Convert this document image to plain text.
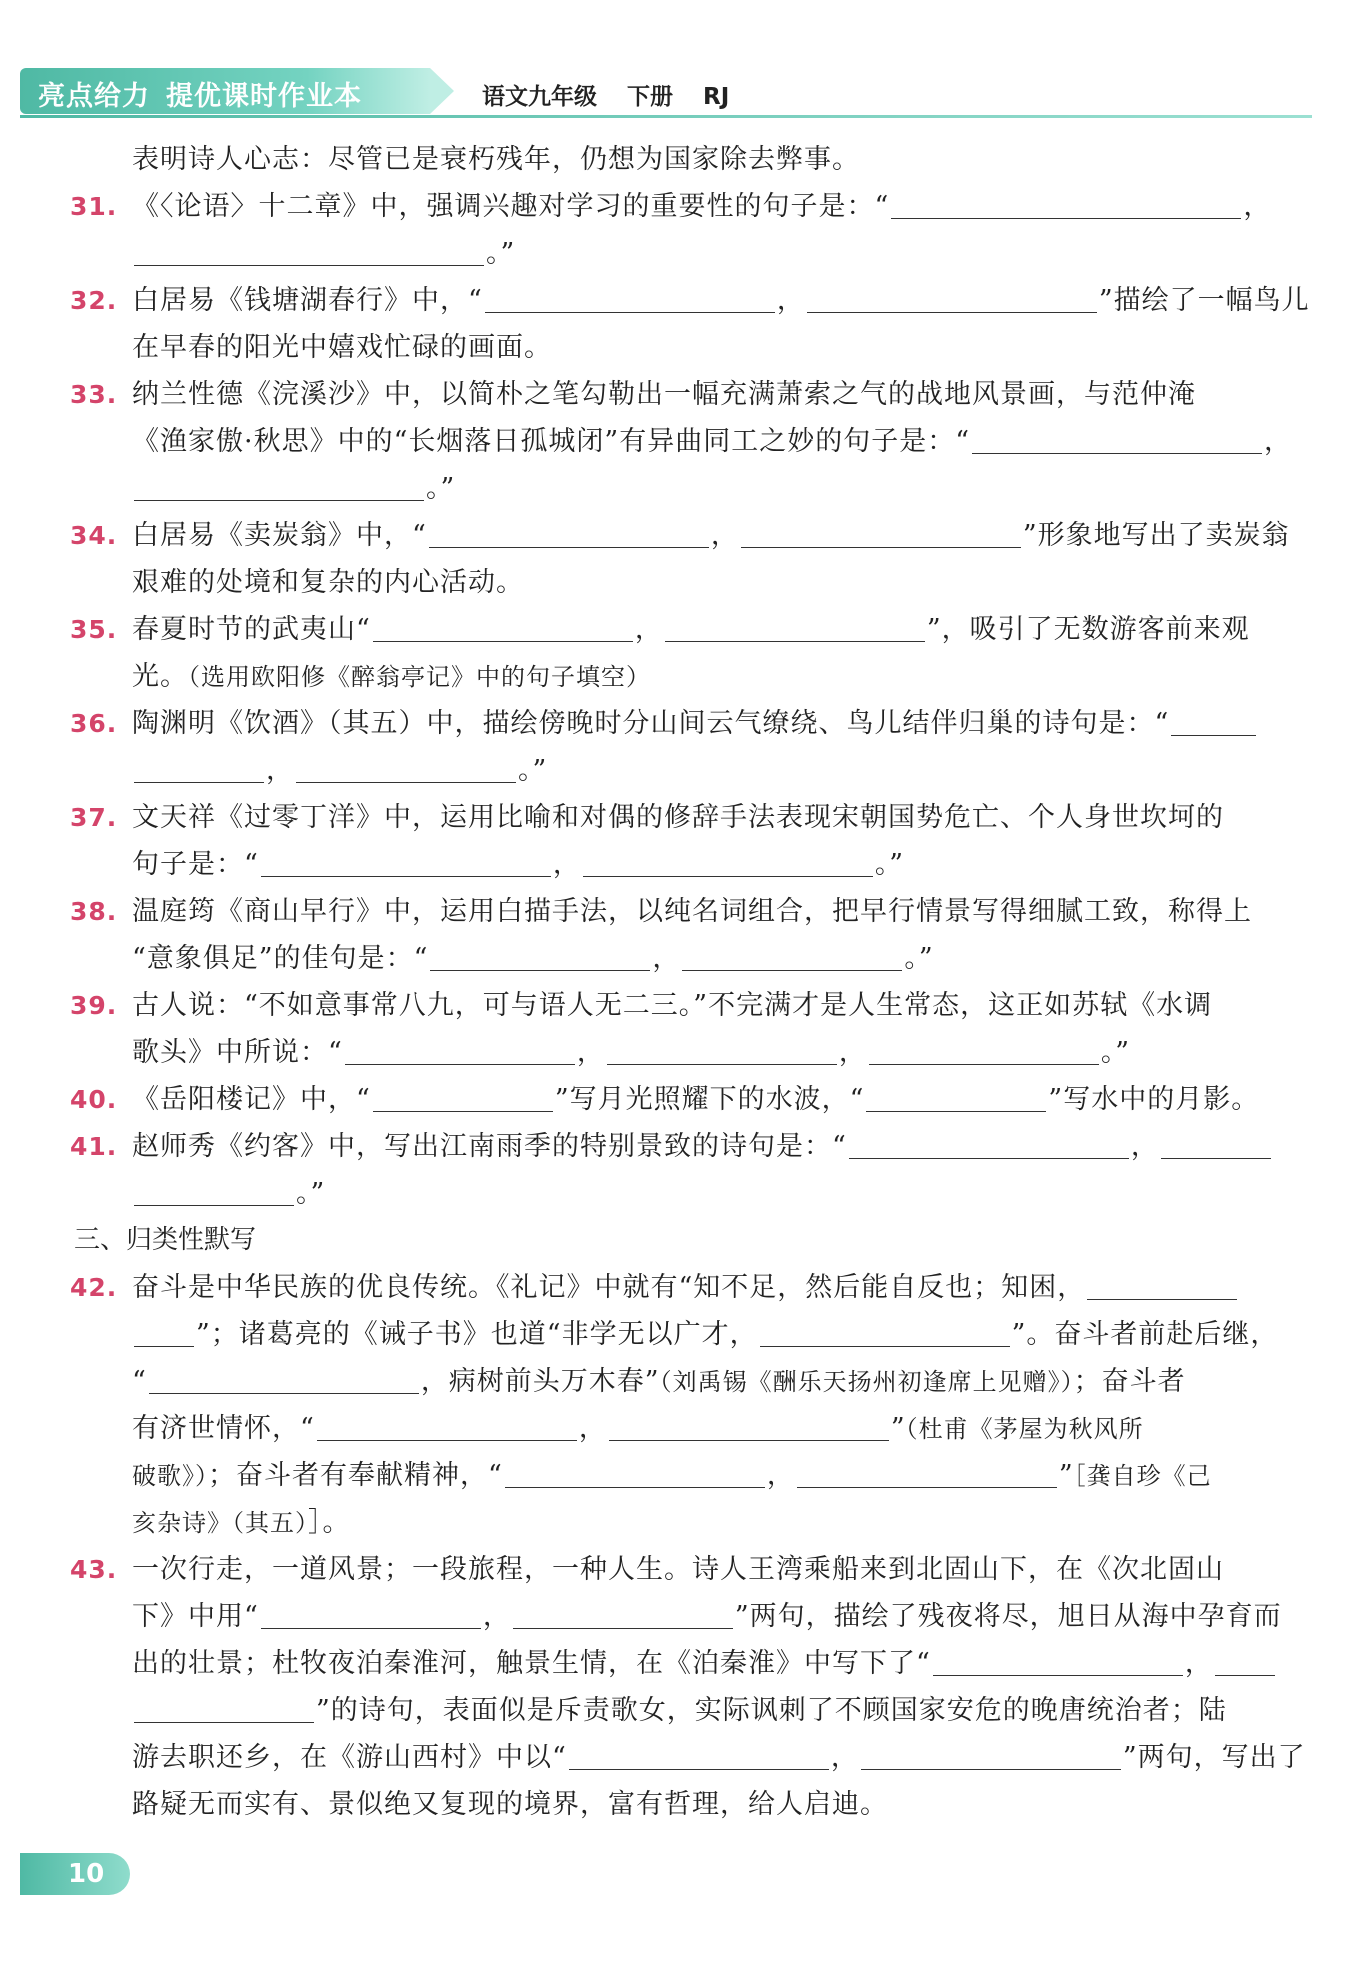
亮点给力 提优课时作业本	语文九年级 下册 RJ
表明诗人心志：尽管已是衰朽残年，仍想为国家除去弊事。
31. 《〈论语〉十二章》中，强调兴趣对学习的重要性的句子是：“	，
。”
32. 白居易《钱塘湖春行》中，“	，	”描绘了一幅鸟儿
在早春的阳光中嬉戏忙碌的画面。
33. 纳兰性德《浣溪沙》中，以简朴之笔勾勒出一幅充满萧索之气的战地风景画，与范仲淹
《渔家傲·秋思》中的“长烟落日孤城闭”有异曲同工之妙的句子是：“	，
。”
34. 白居易《卖炭翁》中，“	，	”形象地写出了卖炭翁
艰难的处境和复杂的内心活动。
35. 春夏时节的武夷山“	，	”，吸引了无数游客前来观
光。（选用欧阳修《醉翁亭记》中的句子填空）
36. 陶渊明《饮酒》（其五）中，描绘傍晚时分山间云气缭绕、鸟儿结伴归巢的诗句是：“
，	。”
37. 文天祥《过零丁洋》中，运用比喻和对偶的修辞手法表现宋朝国势危亡、个人身世坎坷的
句子是：“	，	。”
38. 温庭筠《商山早行》中，运用白描手法，以纯名词组合，把早行情景写得细腻工致，称得上
“意象俱足”的佳句是：“	，	。”
39. 古人说：“不如意事常八九，可与语人无二三。”不完满才是人生常态，这正如苏轼《水调
歌头》中所说：“	，	，	。”
40. 《岳阳楼记》中，“	”写月光照耀下的水波，“	”写水中的月影。
41. 赵师秀《约客》中，写出江南雨季的特别景致的诗句是：“	，
。”
三、归类性默写
42. 奋斗是中华民族的优良传统。《礼记》中就有“知不足，然后能自反也；知困，
”；诸葛亮的《诫子书》也道“非学无以广才，	”。奋斗者前赴后继，
“	，病树前头万木春”（刘禹锡《酬乐天扬州初逢席上见赠》）；奋斗者
有济世情怀，“	，	”（杜甫《茅屋为秋风所
破歌》）；奋斗者有奉献精神，“	，	”［龚自珍《己
亥杂诗》（其五）］。
43. 一次行走，一道风景；一段旅程，一种人生。诗人王湾乘船来到北固山下，在《次北固山
下》中用“	，	”两句，描绘了残夜将尽，旭日从海中孕育而
出的壮景；杜牧夜泊秦淮河，触景生情，在《泊秦淮》中写下了“	，
”的诗句，表面似是斥责歌女，实际讽刺了不顾国家安危的晚唐统治者；陆
游去职还乡，在《游山西村》中以“	，	”两句，写出了
路疑无而实有、景似绝又复现的境界，富有哲理，给人启迪。
10
